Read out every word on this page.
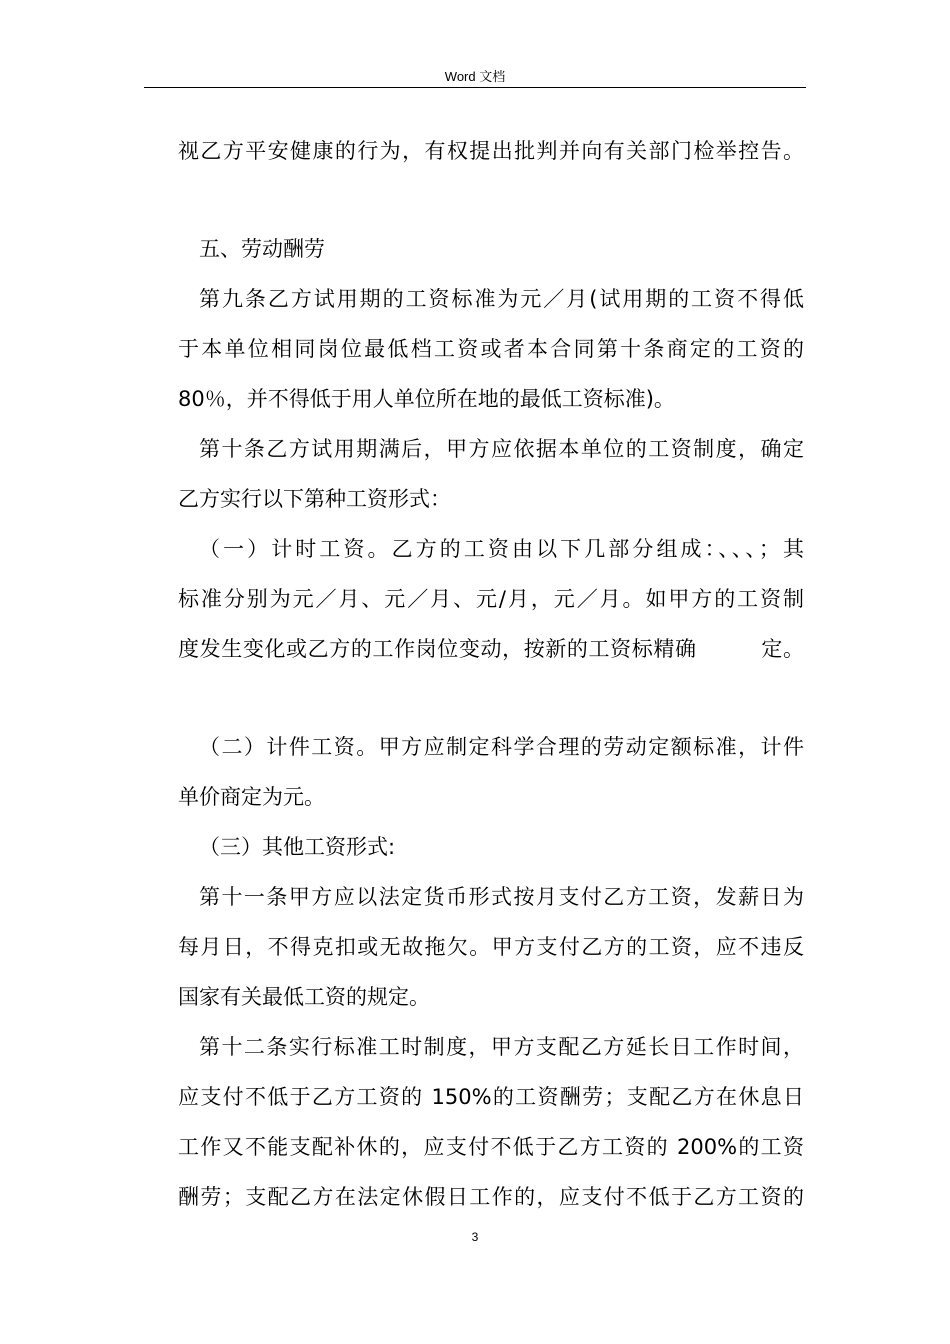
Word 文档
视乙方平安健康的行为，有权提出批判并向有关部门检举控告。
五、劳动酬劳
第九条乙方试用期的工资标准为元／月(试用期的工资不得低
于本单位相同岗位最低档工资或者本合同第十条商定的工资的
80％，并不得低于用人单位所在地的最低工资标准)。
第十条乙方试用期满后，甲方应依据本单位的工资制度，确定
乙方实行以下第种工资形式：
（一）计时工资。乙方的工资由以下几部分组成：、、、；其
标准分别为元／月、元／月、元/月，元／月。如甲方的工资制
度发生变化或乙方的工作岗位变动，按新的工资标精确　　　定。
（二）计件工资。甲方应制定科学合理的劳动定额标准，计件
单价商定为元。
（三）其他工资形式:
第十一条甲方应以法定货币形式按月支付乙方工资，发薪日为
每月日，不得克扣或无故拖欠。甲方支付乙方的工资，应不违反
国家有关最低工资的规定。
第十二条实行标准工时制度，甲方支配乙方延长日工作时间，
应支付不低于乙方工资的 150%的工资酬劳；支配乙方在休息日
工作又不能支配补休的，应支付不低于乙方工资的 200%的工资
酬劳；支配乙方在法定休假日工作的，应支付不低于乙方工资的
3
